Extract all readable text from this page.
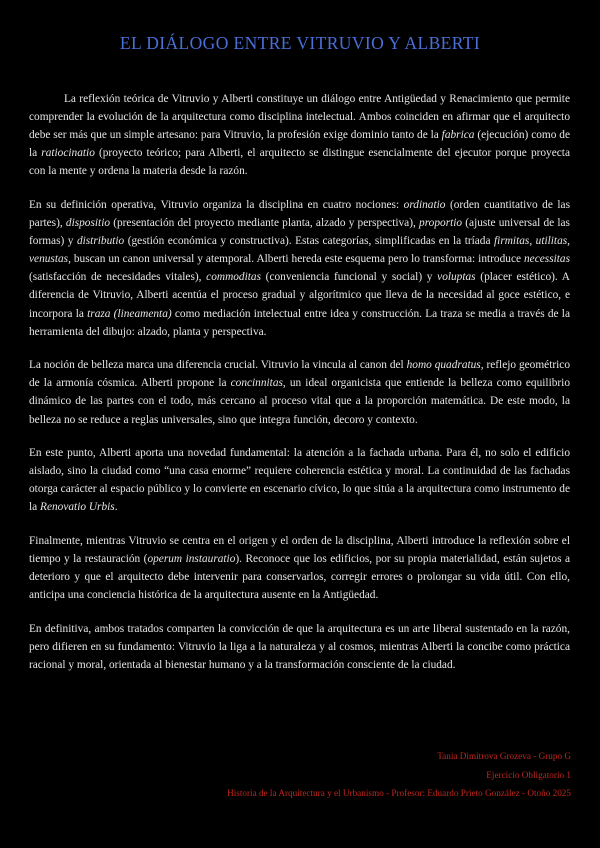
EL DIÁLOGO ENTRE VITRUVIO Y ALBERTI

La reflexión teórica de Vitruvio y Alberti constituye un diálogo entre Antigüedad y Renacimiento que permite comprender la evolución de la arquitectura como disciplina intelectual. Ambos coinciden en afirmar que el arquitecto debe ser más que un simple artesano: para Vitruvio, la profesión exige dominio tanto de la fabrica (ejecución) como de la ratiocinatio (proyecto teórico; para Alberti, el arquitecto se distingue esencialmente del ejecutor porque proyecta con la mente y ordena la materia desde la razón.

En su definición operativa, Vitruvio organiza la disciplina en cuatro nociones: ordinatio (orden cuantitativo de las partes), dispositio (presentación del proyecto mediante planta, alzado y perspectiva), proportio (ajuste universal de las formas) y distributio (gestión económica y constructiva). Estas categorías, simplificadas en la tríada firmitas, utilitas, venustas, buscan un canon universal y atemporal. Alberti hereda este esquema pero lo transforma: introduce necessitas (satisfacción de necesidades vitales), commoditas (conveniencia funcional y social) y voluptas (placer estético). A diferencia de Vitruvio, Alberti acentúa el proceso gradual y algorítmico que lleva de la necesidad al goce estético, e incorpora la traza (lineamenta) como mediación intelectual entre idea y construcción. La traza se media a través de la herramienta del dibujo: alzado, planta y perspectiva.

La noción de belleza marca una diferencia crucial. Vitruvio la vincula al canon del homo quadratus, reflejo geométrico de la armonía cósmica. Alberti propone la concinnitas, un ideal organicista que entiende la belleza como equilibrio dinámico de las partes con el todo, más cercano al proceso vital que a la proporción matemática. De este modo, la belleza no se reduce a reglas universales, sino que integra función, decoro y contexto.

En este punto, Alberti aporta una novedad fundamental: la atención a la fachada urbana. Para él, no solo el edificio aislado, sino la ciudad como “una casa enorme” requiere coherencia estética y moral. La continuidad de las fachadas otorga carácter al espacio público y lo convierte en escenario cívico, lo que sitúa a la arquitectura como instrumento de la Renovatio Urbis.

Finalmente, mientras Vitruvio se centra en el origen y el orden de la disciplina, Alberti introduce la reflexión sobre el tiempo y la restauración (operum instauratio). Reconoce que los edificios, por su propia materialidad, están sujetos a deterioro y que el arquitecto debe intervenir para conservarlos, corregir errores o prolongar su vida útil. Con ello, anticipa una conciencia histórica de la arquitectura ausente en la Antigüedad.

En definitiva, ambos tratados comparten la convicción de que la arquitectura es un arte liberal sustentado en la razón, pero difieren en su fundamento: Vitruvio la liga a la naturaleza y al cosmos, mientras Alberti la concibe como práctica racional y moral, orientada al bienestar humano y a la transformación consciente de la ciudad.

Tania Dimitrova Grozeva - Grupo G
Ejercicio Obligatorio 1
Historia de la Arquitectura y el Urbanismo - Profesor: Eduardo Prieto González - Otoño 2025
